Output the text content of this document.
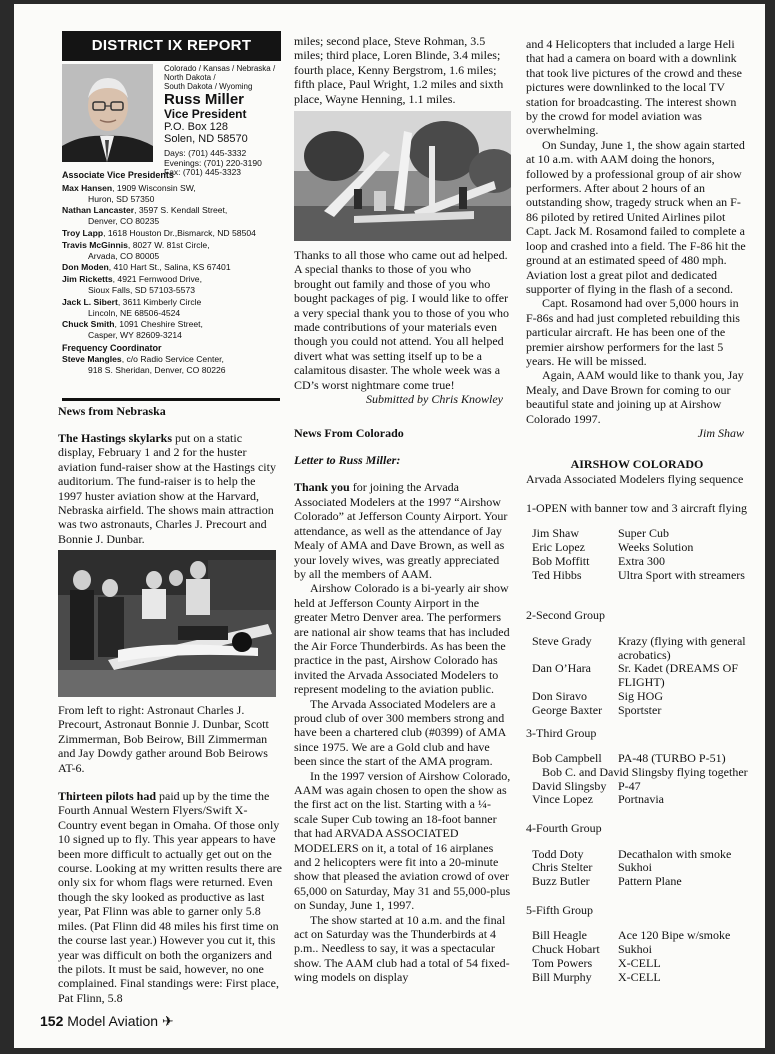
DISTRICT IX REPORT
Colorado / Kansas / Nebraska /
North Dakota /
South Dakota / Wyoming
Russ Miller
Vice President
P.O. Box 128
Solen, ND 58570
Days: (701) 445-3332
Evenings: (701) 220-3190
Fax: (701) 445-3323
Associate Vice Presidents
Max Hansen, 1909 Wisconsin SW,
Huron, SD 57350
Nathan Lancaster, 3597 S. Kendall Street,
Denver, CO 80235
Troy Lapp, 1618 Houston Dr.,Bismarck, ND 58504
Travis McGinnis, 8027 W. 81st Circle,
Arvada, CO 80005
Don Moden, 410 Hart St., Salina, KS 67401
Jim Ricketts, 4921 Fernwood Drive,
Sioux Falls, SD 57103-5573
Jack L. Sibert, 3611 Kimberly Circle
Lincoln, NE 68506-4524
Chuck Smith, 1091 Cheshire Street,
Casper, WY 82609-3214
Frequency Coordinator
Steve Mangles, c/o Radio Service Center,
918 S. Sheridan, Denver, CO 80226

News from Nebraska

The Hastings skylarks put on a static display, February 1 and 2 for the huster aviation fund-raiser show at the Hastings city auditorium. The fund-raiser is to help the 1997 huster aviation show at the Harvard, Nebraska airfield. The shows main attraction was two astronauts, Charles J. Precourt and Bonnie J. Dunbar.

From left to right: Astronaut Charles J. Precourt, Astronaut Bonnie J. Dunbar, Scott Zimmerman, Bob Beirow, Bill Zimmerman and Jay Dowdy gather around Bob Beirows AT-6.

Thirteen pilots had paid up by the time the Fourth Annual Western Flyers/Swift X-Country event began in Omaha. Of those only 10 signed up to fly. This year appears to have been more difficult to actually get out on the course. Looking at my written results there are only six for whom flags were returned. Even though the sky looked as productive as last year, Pat Flinn was able to garner only 5.8 miles. (Pat Flinn did 48 miles his first time on the course last year.) However you cut it, this year was difficult on both the organizers and the pilots. It must be said, however, no one complained. Final standings were: First place, Pat Flinn, 5.8

miles; second place, Steve Rohman, 3.5 miles; third place, Loren Blinde, 3.4 miles; fourth place, Kenny Bergstrom, 1.6 miles; fifth place, Paul Wright, 1.2 miles and sixth place, Wayne Henning, 1.1 miles.

Thanks to all those who came out ad helped. A special thanks to those of you who brought out family and those of you who bought packages of pig. I would like to offer a very special thank you to those of you who made contributions of your materials even though you could not attend. You all helped divert what was setting itself up to be a calamitous disaster. The whole week was a CD’s worst nightmare come true!

Submitted by Chris Knowley

News From Colorado

Letter to Russ Miller:

Thank you for joining the Arvada Associated Modelers at the 1997 “Airshow Colorado” at Jefferson County Airport. Your attendance, as well as the attendance of Jay Mealy of AMA and Dave Brown, as well as your lovely wives, was greatly appreciated by all the members of AAM.

Airshow Colorado is a bi-yearly air show held at Jefferson County Airport in the greater Metro Denver area. The performers are national air show teams that has included the Air Force Thunderbirds. As has been the practice in the past, Airshow Colorado has invited the Arvada Associated Modelers to represent modeling to the aviation public.

The Arvada Associated Modelers are a proud club of over 300 members strong and have been a chartered club (#0399) of AMA since 1975. We are a Gold club and have been since the start of the AMA program.

In the 1997 version of Airshow Colorado, AAM was again chosen to open the show as the first act on the list. Starting with a ¼-scale Super Cub towing an 18-foot banner that had ARVADA ASSOCIATED MODELERS on it, a total of 16 airplanes and 2 helicopters were fit into a 20-minute show that pleased the aviation crowd of over 65,000 on Saturday, May 31 and 55,000-plus on Sunday, June 1, 1997.

The show started at 10 a.m. and the final act on Saturday was the Thunderbirds at 4 p.m.. Needless to say, it was a spectacular show. The AAM club had a total of 54 fixed-wing models on display

and 4 Helicopters that included a large Heli that had a camera on board with a downlink that took live pictures of the crowd and these pictures were downlinked to the local TV station for broadcasting. The interest shown by the crowd for model aviation was overwhelming.

On Sunday, June 1, the show again started at 10 a.m. with AAM doing the honors, followed by a professional group of air show performers. After about 2 hours of an outstanding show, tragedy struck when an F-86 piloted by retired United Airlines pilot Capt. Jack M. Rosamond failed to complete a loop and crashed into a field. The F-86 hit the ground at an estimated speed of 480 mph. Aviation lost a great pilot and dedicated supporter of flying in the flash of a second.

Capt. Rosamond had over 5,000 hours in F-86s and had just completed rebuilding this particular aircraft. He has been one of the premier airshow performers for the last 5 years. He will be missed.

Again, AAM would like to thank you, Jay Mealy, and Dave Brown for coming to our beautiful state and joining up at Airshow Colorado 1997.

Jim Shaw

AIRSHOW COLORADO

Arvada Associated Modelers flying sequence

1-OPEN with banner tow and 3 aircraft flying

Jim Shaw	Super Cub
Eric Lopez	Weeks Solution
Bob Moffitt	Extra 300
Ted Hibbs	Ultra Sport with streamers

2-Second Group

Steve Grady	Krazy (flying with general acrobatics)
Dan O’Hara	Sr. Kadet (DREAMS OF FLIGHT)
Don Siravo	Sig HOG
George Baxter	Sportster

3-Third Group

Bob Campbell	PA-48 (TURBO P-51)
Bob C. and David Slingsby flying together
David Slingsby P-47
Vince Lopez	Portnavia

4-Fourth Group

Todd Doty	Decathalon with smoke
Chris Stelter	Sukhoi
Buzz Butler	Pattern Plane

5-Fifth Group

Bill Heagle	Ace 120 Bipe w/smoke
Chuck Hobart	Sukhoi
Tom Powers	X-CELL
Bill Murphy	X-CELL
152 Model Aviation ✈
